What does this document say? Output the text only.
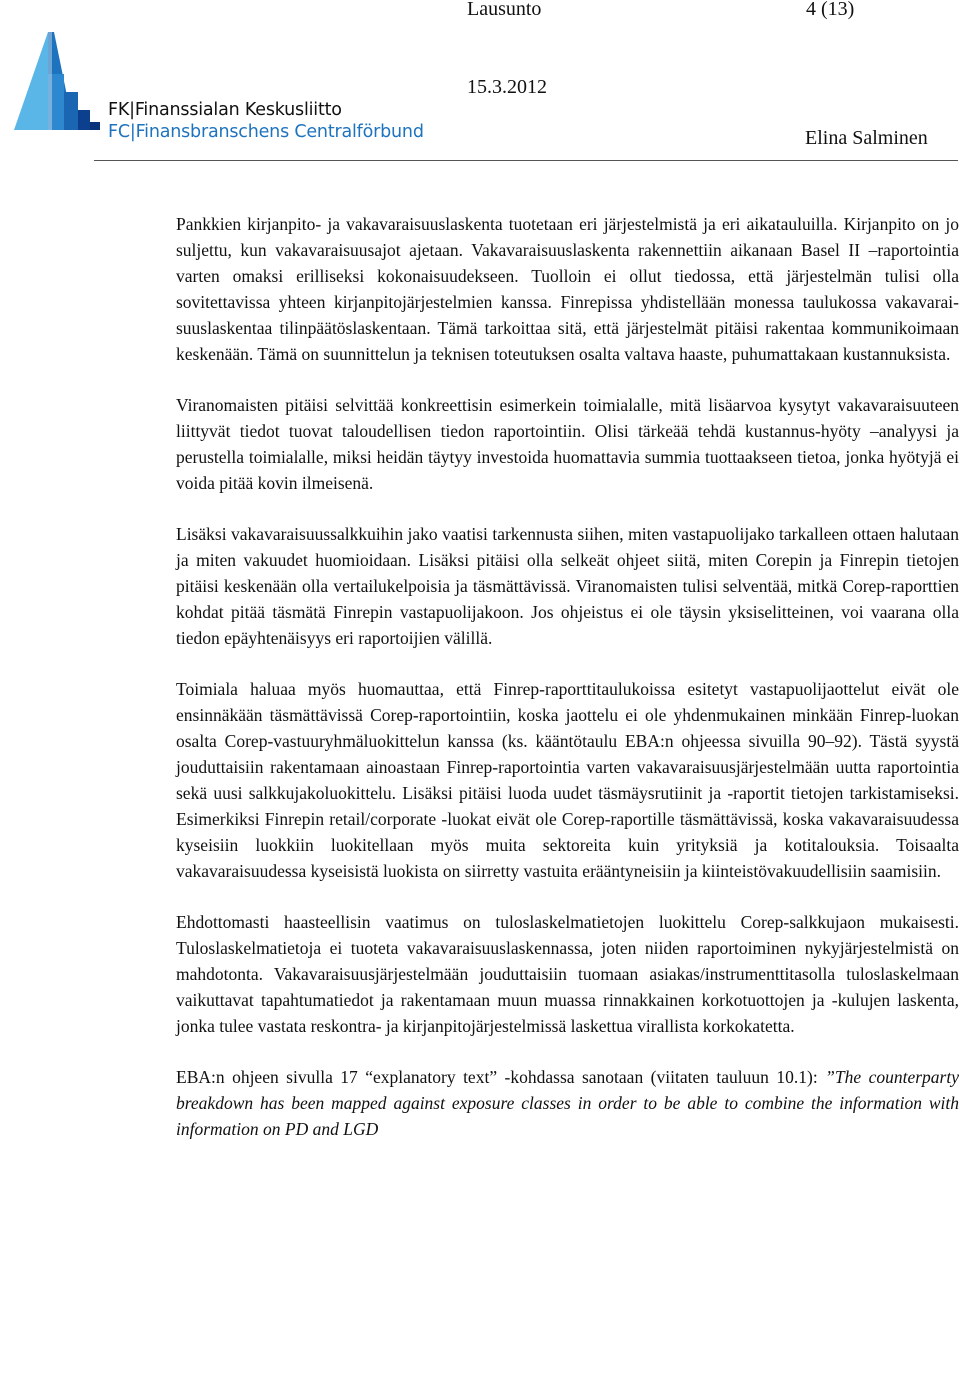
FK|Finanssialan Keskusliitto
FC|Finansbranschens Centralförbund
Lausunto	4 (13)
15.3.2012
Elina Salminen

Pankkien kirjanpito- ja vakavaraisuuslaskenta tuotetaan eri järjestelmistä ja eri aikatauluilla. Kirjanpito on jo suljettu, kun vakavaraisuusajot ajetaan. Vakavaraisuuslaskenta rakennettiin aikanaan Basel II –raportointia varten omaksi erilliseksi kokonaisuudekseen. Tuolloin ei ollut tiedossa, että järjestelmän tulisi olla sovitettavissa yhteen kirjanpitojärjestelmien kanssa. Finrepissa yhdistellään monessa taulukossa vakavaraisuuslaskentaa tilinpäätöslaskentaan. Tämä tarkoittaa sitä, että järjestelmät pitäisi rakentaa kommunikoimaan keskenään. Tämä on suunnittelun ja teknisen toteutuksen osalta valtava haaste, puhumattakaan kustannuksista.

Viranomaisten pitäisi selvittää konkreettisin esimerkein toimialalle, mitä lisäarvoa kysytyt vakavaraisuuteen liittyvät tiedot tuovat taloudellisen tiedon raportointiin. Olisi tärkeää tehdä kustannus-hyöty –analyysi ja perustella toimialalle, miksi heidän täytyy investoida huomattavia summia tuottaakseen tietoa, jonka hyötyjä ei voida pitää kovin ilmeisenä.

Lisäksi vakavaraisuussalkkuihin jako vaatisi tarkennusta siihen, miten vastapuolijako tarkalleen ottaen halutaan ja miten vakuudet huomioidaan. Lisäksi pitäisi olla selkeät ohjeet siitä, miten Corepin ja Finrepin tietojen pitäisi keskenään olla vertailukelpoisia ja täsmättävissä. Viranomaisten tulisi selventää, mitkä Corep-raporttien kohdat pitää täsmätä Finrepin vastapuolijakoon. Jos ohjeistus ei ole täysin yksiselitteinen, voi vaarana olla tiedon epäyhtenäisyys eri raportoijien välillä.

Toimiala haluaa myös huomauttaa, että Finrep-raporttitaulukoissa esitetyt vastapuolijaottelut eivät ole ensinnäkään täsmättävissä Corep-raportointiin, koska jaottelu ei ole yhdenmukainen minkään Finrep-luokan osalta Corep-vastuuryhmäluokittelun kanssa (ks. kääntötaulu EBA:n ohjeessa sivuilla 90–92). Tästä syystä jouduttaisiin rakentamaan ainoastaan Finrep-raportointia varten vakavaraisuusjärjestelmään uutta raportointia sekä uusi salkkujakoluokittelu. Lisäksi pitäisi luoda uudet täsmäysrutiinit ja -raportit tietojen tarkistamiseksi. Esimerkiksi Finrepin retail/corporate -luokat eivät ole Corep-raportille täsmättävissä, koska vakavaraisuudessa kyseisiin luokkiin luokitellaan myös muita sektoreita kuin yrityksiä ja kotitalouksia. Toisaalta vakavaraisuudessa kyseisistä luokista on siirretty vastuita erääntyneisiin ja kiinteistövakuudellisiin saamisiin.

Ehdottomasti haasteellisin vaatimus on tuloslaskelmatietojen luokittelu Corep-salkkujaon mukaisesti. Tuloslaskelmatietoja ei tuoteta vakavaraisuuslaskennassa, joten niiden raportoiminen nykyjärjestelmistä on mahdotonta. Vakavaraisuusjärjestelmään jouduttaisiin tuomaan asiakas/instrumenttitasolla tuloslaskelmaan vaikuttavat tapahtumatiedot ja rakentamaan muun muassa rinnakkainen korkotuottojen ja -kulujen laskenta, jonka tulee vastata reskontra- ja kirjanpitojärjestelmissä laskettua virallista korkokatetta.

EBA:n ohjeen sivulla 17 “explanatory text” -kohdassa sanotaan (viitaten tauluun 10.1): ”The counterparty breakdown has been mapped against exposure classes in order to be able to combine the information with information on PD and LGD
